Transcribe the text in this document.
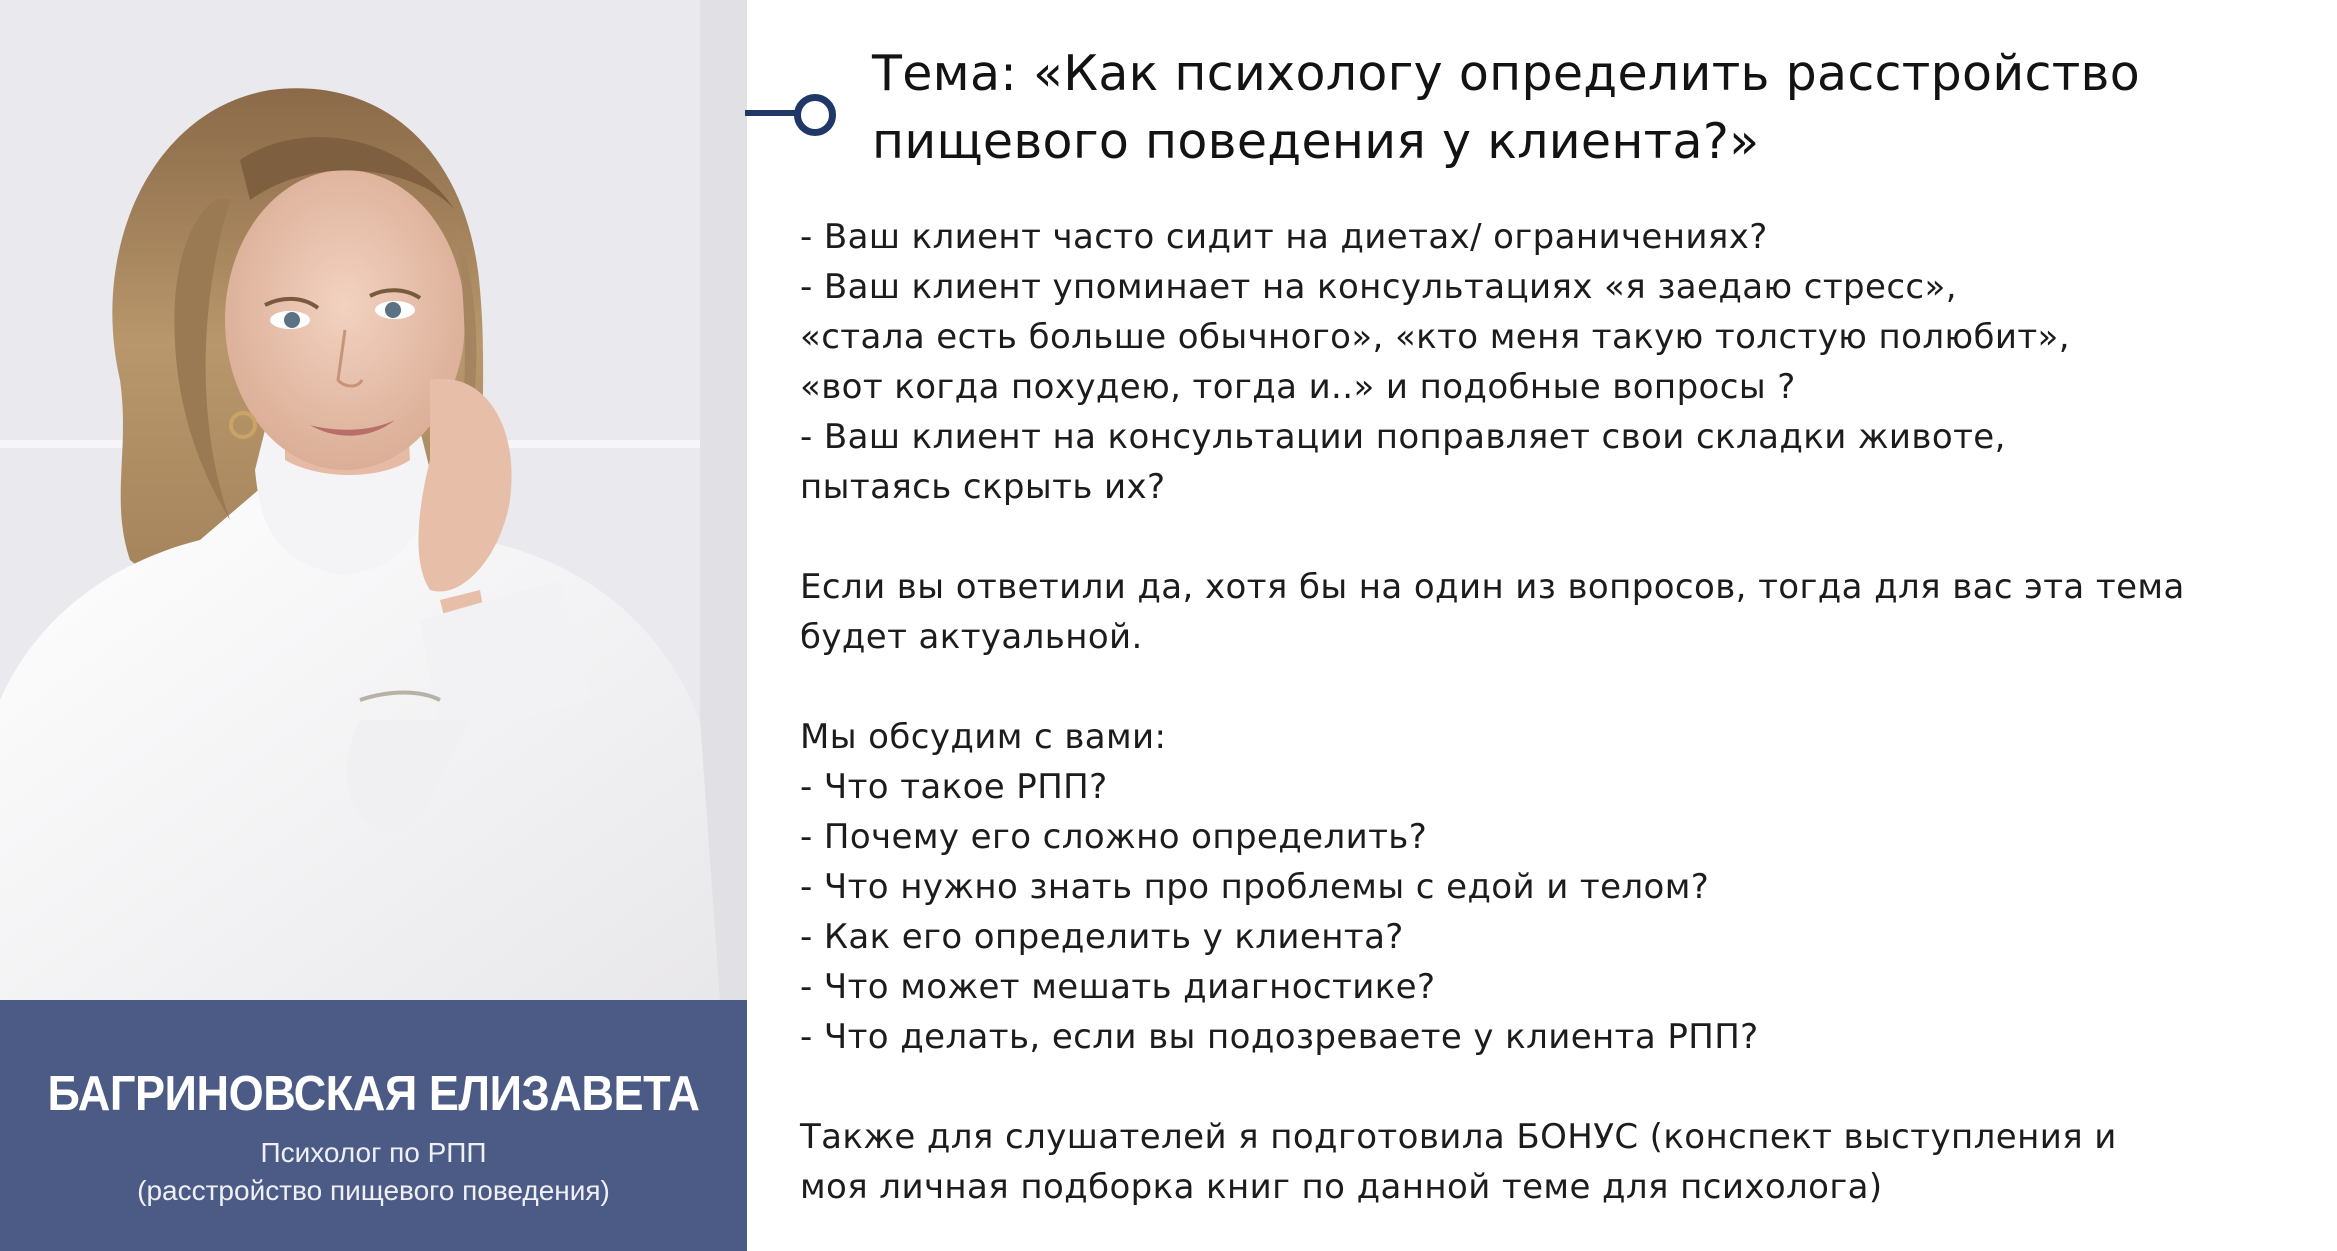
БАГРИНОВСКАЯ ЕЛИЗАВЕТА
Психолог по РПП
(расстройство пищевого поведения)
Тема: «Как психологу определить расстройство
пищевого поведения у клиента?»
- Ваш клиент часто сидит на диетах/ ограничениях?
- Ваш клиент упоминает на консультациях «я заедаю стресс»,
«стала есть больше обычного», «кто меня такую толстую полюбит»,
«вот когда похудею, тогда и..» и подобные вопросы ?
- Ваш клиент на консультации поправляет свои складки животе,
пытаясь скрыть их?
Если вы ответили да, хотя бы на один из вопросов, тогда для вас эта тема
будет актуальной.
Мы обсудим с вами:
- Что такое РПП?
- Почему его сложно определить?
- Что нужно знать про проблемы с едой и телом?
- Как его определить у клиента?
- Что может мешать диагностике?
- Что делать, если вы подозреваете у клиента РПП?
Также для слушателей я подготовила БОНУС (конспект выступления и
моя личная подборка книг по данной теме для психолога)
